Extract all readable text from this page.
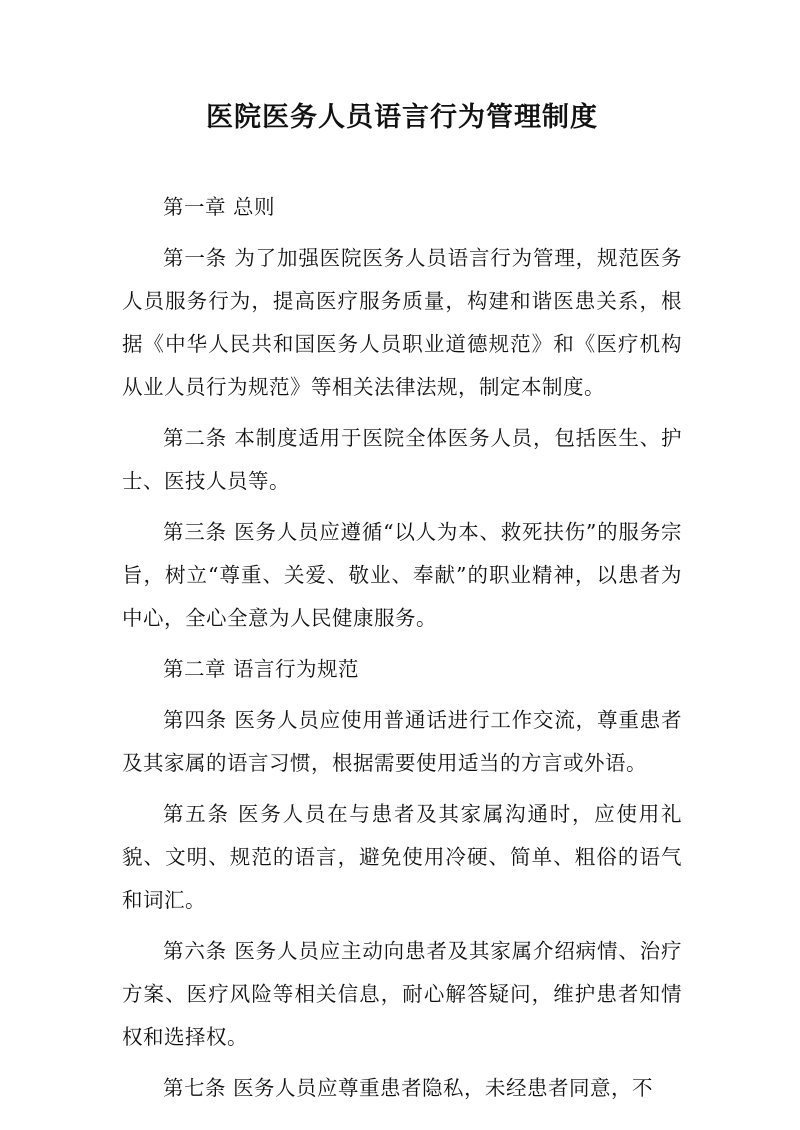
医院医务人员语言行为管理制度

第一章 总则

第一条 为了加强医院医务人员语言行为管理，规范医务人员服务行为，提高医疗服务质量，构建和谐医患关系，根据《中华人民共和国医务人员职业道德规范》和《医疗机构从业人员行为规范》等相关法律法规，制定本制度。

第二条 本制度适用于医院全体医务人员，包括医生、护士、医技人员等。

第三条 医务人员应遵循“以人为本、救死扶伤”的服务宗旨，树立“尊重、关爱、敬业、奉献”的职业精神，以患者为中心，全心全意为人民健康服务。

第二章 语言行为规范

第四条 医务人员应使用普通话进行工作交流，尊重患者及其家属的语言习惯，根据需要使用适当的方言或外语。

第五条 医务人员在与患者及其家属沟通时，应使用礼貌、文明、规范的语言，避免使用冷硬、简单、粗俗的语气和词汇。

第六条 医务人员应主动向患者及其家属介绍病情、治疗方案、医疗风险等相关信息，耐心解答疑问，维护患者知情权和选择权。

第七条 医务人员应尊重患者隐私，未经患者同意，不
